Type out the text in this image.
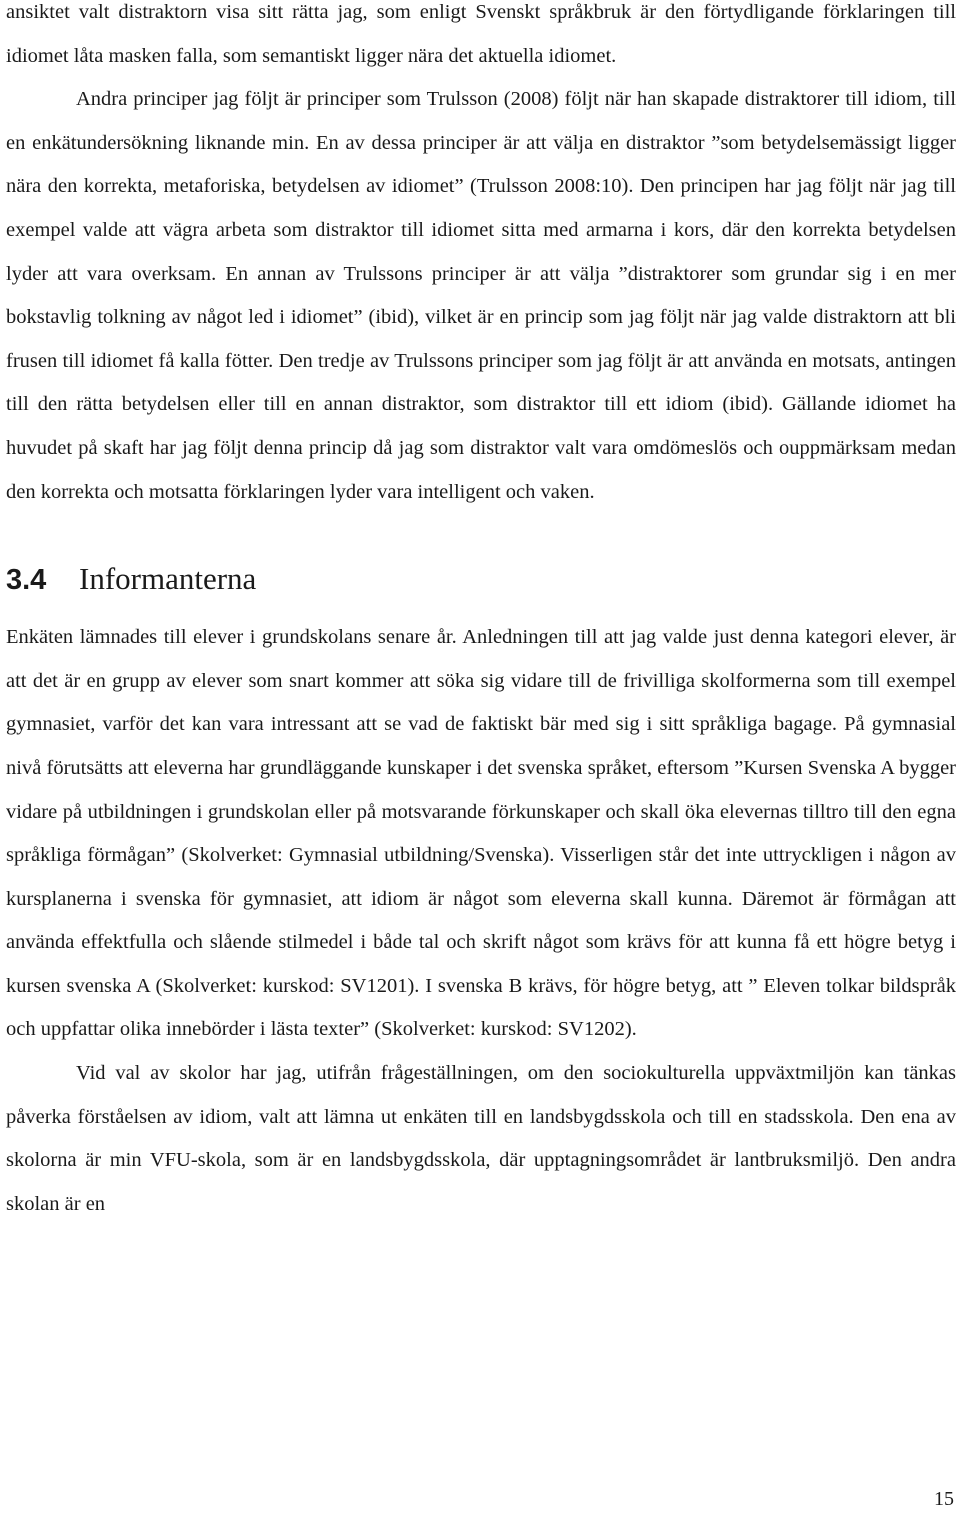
ansiktet valt distraktorn visa sitt rätta jag, som enligt Svenskt språkbruk är den förtydligande förklaringen till idiomet låta masken falla, som semantiskt ligger nära det aktuella idiomet.

Andra principer jag följt är principer som Trulsson (2008) följt när han skapade distraktorer till idiom, till en enkätundersökning liknande min. En av dessa principer är att välja en distraktor ”som betydelsemässigt ligger nära den korrekta, metaforiska, betydelsen av idiomet” (Trulsson 2008:10). Den principen har jag följt när jag till exempel valde att vägra arbeta som distraktor till idiomet sitta med armarna i kors, där den korrekta betydelsen lyder att vara overksam. En annan av Trulssons principer är att välja ”distraktorer som grundar sig i en mer bokstavlig tolkning av något led i idiomet” (ibid), vilket är en princip som jag följt när jag valde distraktorn att bli frusen till idiomet få kalla fötter. Den tredje av Trulssons principer som jag följt är att använda en motsats, antingen till den rätta betydelsen eller till en annan distraktor, som distraktor till ett idiom (ibid). Gällande idiomet ha huvudet på skaft har jag följt denna princip då jag som distraktor valt vara omdömeslös och ouppmärksam medan den korrekta och motsatta förklaringen lyder vara intelligent och vaken.

3.4	Informanterna

Enkäten lämnades till elever i grundskolans senare år. Anledningen till att jag valde just denna kategori elever, är att det är en grupp av elever som snart kommer att söka sig vidare till de frivilliga skolformerna som till exempel gymnasiet, varför det kan vara intressant att se vad de faktiskt bär med sig i sitt språkliga bagage. På gymnasial nivå förutsätts att eleverna har grundläggande kunskaper i det svenska språket, eftersom ”Kursen Svenska A bygger vidare på utbildningen i grundskolan eller på motsvarande förkunskaper och skall öka elevernas tilltro till den egna språkliga förmågan” (Skolverket: Gymnasial utbildning/Svenska). Visserligen står det inte uttryckligen i någon av kursplanerna i svenska för gymnasiet, att idiom är något som eleverna skall kunna. Däremot är förmågan att använda effektfulla och slående stilmedel i både tal och skrift något som krävs för att kunna få ett högre betyg i kursen svenska A (Skolverket: kurskod: SV1201). I svenska B krävs, för högre betyg, att ” Eleven tolkar bildspråk och uppfattar olika innebörder i lästa texter” (Skolverket: kurskod: SV1202).

Vid val av skolor har jag, utifrån frågeställningen, om den sociokulturella uppväxtmiljön kan tänkas påverka förståelsen av idiom, valt att lämna ut enkäten till en landsbygdsskola och till en stadsskola. Den ena av skolorna är min VFU-skola, som är en landsbygdsskola, där upptagningsområdet är lantbruksmiljö. Den andra skolan är en

15
